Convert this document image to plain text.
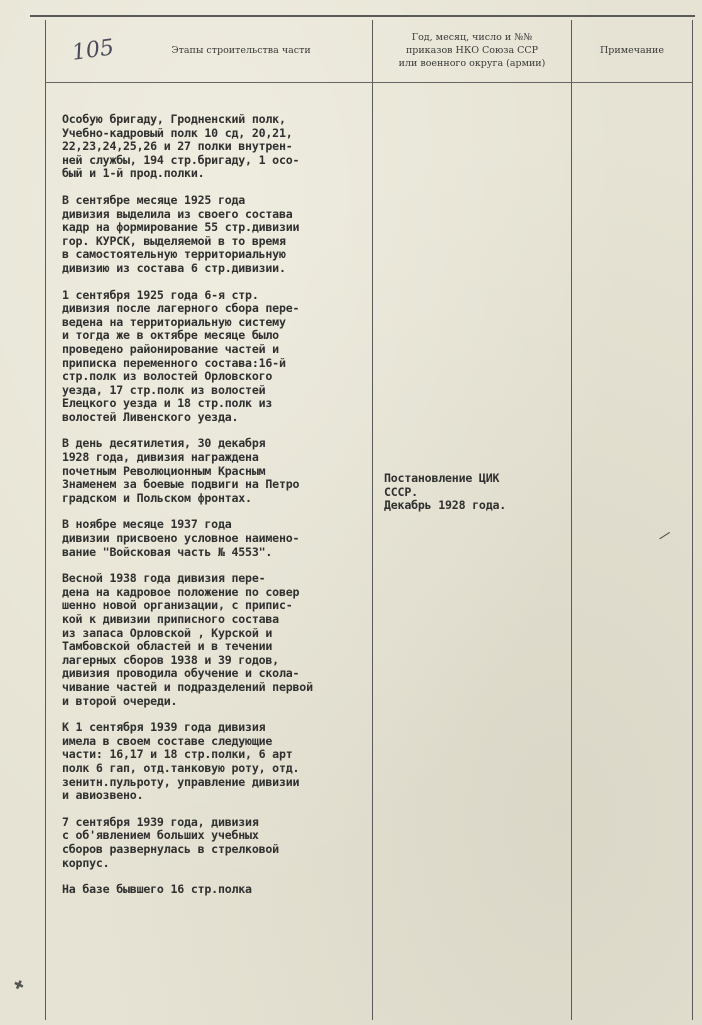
105	Этапы строительства части
Год, месяц, число и №№
приказов НКО Союза ССР
или военного округа (армии)
Примечание

Особую бригаду, Гродненский полк,
Учебно-кадровый полк 10 сд, 20,21,
22,23,24,25,26 и 27 полки внутрен-
ней службы, 194 стр.бригаду, 1 осо-
бый и 1-й прод.полки.

В сентябре месяце 1925 года
дивизия выделила из своего состава
кадр на формирование 55 стр.дивизии
гор. КУРСК, выделяемой в то время
в самостоятельную территориальную
дивизию из состава 6 стр.дивизии.

1 сентября 1925 года 6-я стр.
дивизия после лагерного сбора пере-
ведена на территориальную систему
и тогда же в октябре месяце было
проведено районирование частей и
приписка переменного состава:16-й
стр.полк из волостей Орловского
уезда, 17 стр.полк из волостей
Елецкого уезда и 18 стр.полк из
волостей Ливенского уезда.

В день десятилетия, 30 декабря
1928 года, дивизия награждена
почетным Революционным Красным
Знаменем за боевые подвиги на Петро
градском и Польском фронтах.

В ноябре месяце 1937 года
дивизии присвоено условное наимено-
вание "Войсковая часть № 4553".

Весной 1938 года дивизия пере-
дена на кадровое положение по совер
шенно новой организации, с припис-
кой к дивизии приписного состава
из запаса Орловской , Курской и
Тамбовской областей и в течении
лагерных сборов 1938 и 39 годов,
дивизия проводила обучение и сколa-
чивание частей и подразделений первой
и второй очереди.

К 1 сентября 1939 года дивизия
имела в своем составе следующие
части: 16,17 и 18 стр.полки, 6 арт
полк 6 гап, отд.танковую роту, отд.
зенитн.пульроту, управление дивизии
и авиозвено.

7 сентября 1939 года, дивизия
с об'явлением больших учебных
сборов развернулась в стрелковой
корпус.

На базе бывшего 16 стр.полка

Постановление ЦИК
СССР.
Декабрь 1928 года.
✖
∕
